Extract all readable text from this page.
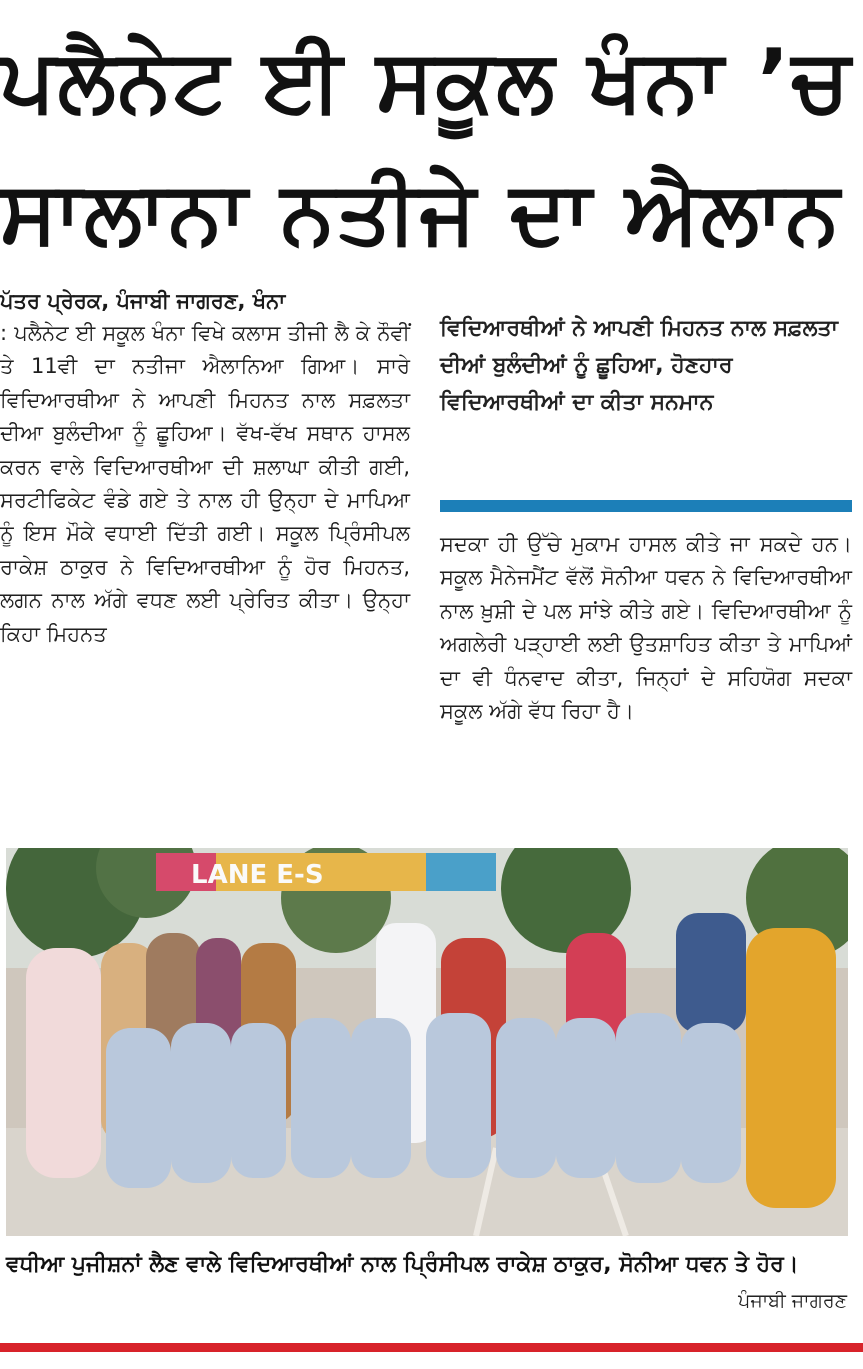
ਪਲੈਨੇਟ ਈ ਸਕੂਲ ਖੰਨਾ ’ਚ
ਸਾਲਾਨਾ ਨਤੀਜੇ ਦਾ ਐਲਾਨ
ਪੱਤਰ ਪ੍ਰੇਰਕ, ਪੰਜਾਬੀ ਜਾਗਰਣ, ਖੰਨਾ

: ਪਲੈਨੇਟ ਈ ਸਕੂਲ ਖੰਨਾ ਵਿਖੇ ਕਲਾਸ ਤੀਜੀ ਲੈ ਕੇ ਨੌਵੀਂ ਤੇ 11ਵੀ ਦਾ ਨਤੀਜਾ ਐਲਾਨਿਆ ਗਿਆ। ਸਾਰੇ ਵਿਦਿਆਰਥੀਆ ਨੇ ਆਪਣੀ ਮਿਹਨਤ ਨਾਲ ਸਫ਼ਲਤਾ ਦੀਆ ਬੁਲੰਦੀਆ ਨੂੰ ਛੂਹਿਆ। ਵੱਖ-ਵੱਖ ਸਥਾਨ ਹਾਸਲ ਕਰਨ ਵਾਲੇ ਵਿਦਿਆਰਥੀਆ ਦੀ ਸ਼ਲਾਘਾ ਕੀਤੀ ਗਈ, ਸਰਟੀਫਿਕੇਟ ਵੰਡੇ ਗਏ ਤੇ ਨਾਲ ਹੀ ਉਨ੍ਹਾ ਦੇ ਮਾਪਿਆ ਨੂੰ ਇਸ ਮੌਕੇ ਵਧਾਈ ਦਿੱਤੀ ਗਈ। ਸਕੂਲ ਪ੍ਰਿੰਸੀਪਲ ਰਾਕੇਸ਼ ਠਾਕੁਰ ਨੇ ਵਿਦਿਆਰਥੀਆ ਨੂੰ ਹੋਰ ਮਿਹਨਤ, ਲਗਨ ਨਾਲ ਅੱਗੇ ਵਧਣ ਲਈ ਪ੍ਰੇਰਿਤ ਕੀਤਾ। ਉਨ੍ਹਾ ਕਿਹਾ ਮਿਹਨਤ

ਵਿਦਿਆਰਥੀਆਂ ਨੇ ਆਪਣੀ ਮਿਹਨਤ ਨਾਲ ਸਫ਼ਲਤਾ ਦੀਆਂ ਬੁਲੰਦੀਆਂ ਨੂੰ ਛੂਹਿਆ, ਹੋਣਹਾਰ ਵਿਦਿਆਰਥੀਆਂ ਦਾ ਕੀਤਾ ਸਨਮਾਨ

ਸਦਕਾ ਹੀ ਉੱਚੇ ਮੁਕਾਮ ਹਾਸਲ ਕੀਤੇ ਜਾ ਸਕਦੇ ਹਨ। ਸਕੂਲ ਮੈਨੇਜਮੈਂਟ ਵੱਲੋਂ ਸੋਨੀਆ ਧਵਨ ਨੇ ਵਿਦਿਆਰਥੀਆ ਨਾਲ ਖ਼ੁਸ਼ੀ ਦੇ ਪਲ ਸਾਂਝੇ ਕੀਤੇ ਗਏ। ਵਿਦਿਆਰਥੀਆ ਨੂੰ ਅਗਲੇਰੀ ਪੜ੍ਹਾਈ ਲਈ ਉਤਸ਼ਾਹਿਤ ਕੀਤਾ ਤੇ ਮਾਪਿਆਂ ਦਾ ਵੀ ਧੰਨਵਾਦ ਕੀਤਾ, ਜਿਨ੍ਹਾਂ ਦੇ ਸਹਿਯੋਗ ਸਦਕਾ ਸਕੂਲ ਅੱਗੇ ਵੱਧ ਰਿਹਾ ਹੈ।

LANE E-S
ਵਧੀਆ ਪੁਜੀਸ਼ਨਾਂ ਲੈਣ ਵਾਲੇ ਵਿਦਿਆਰਥੀਆਂ ਨਾਲ ਪ੍ਰਿੰਸੀਪਲ ਰਾਕੇਸ਼ ਠਾਕੁਰ, ਸੋਨੀਆ ਧਵਨ ਤੇ ਹੋਰ।
ਪੰਜਾਬੀ ਜਾਗਰਣ
